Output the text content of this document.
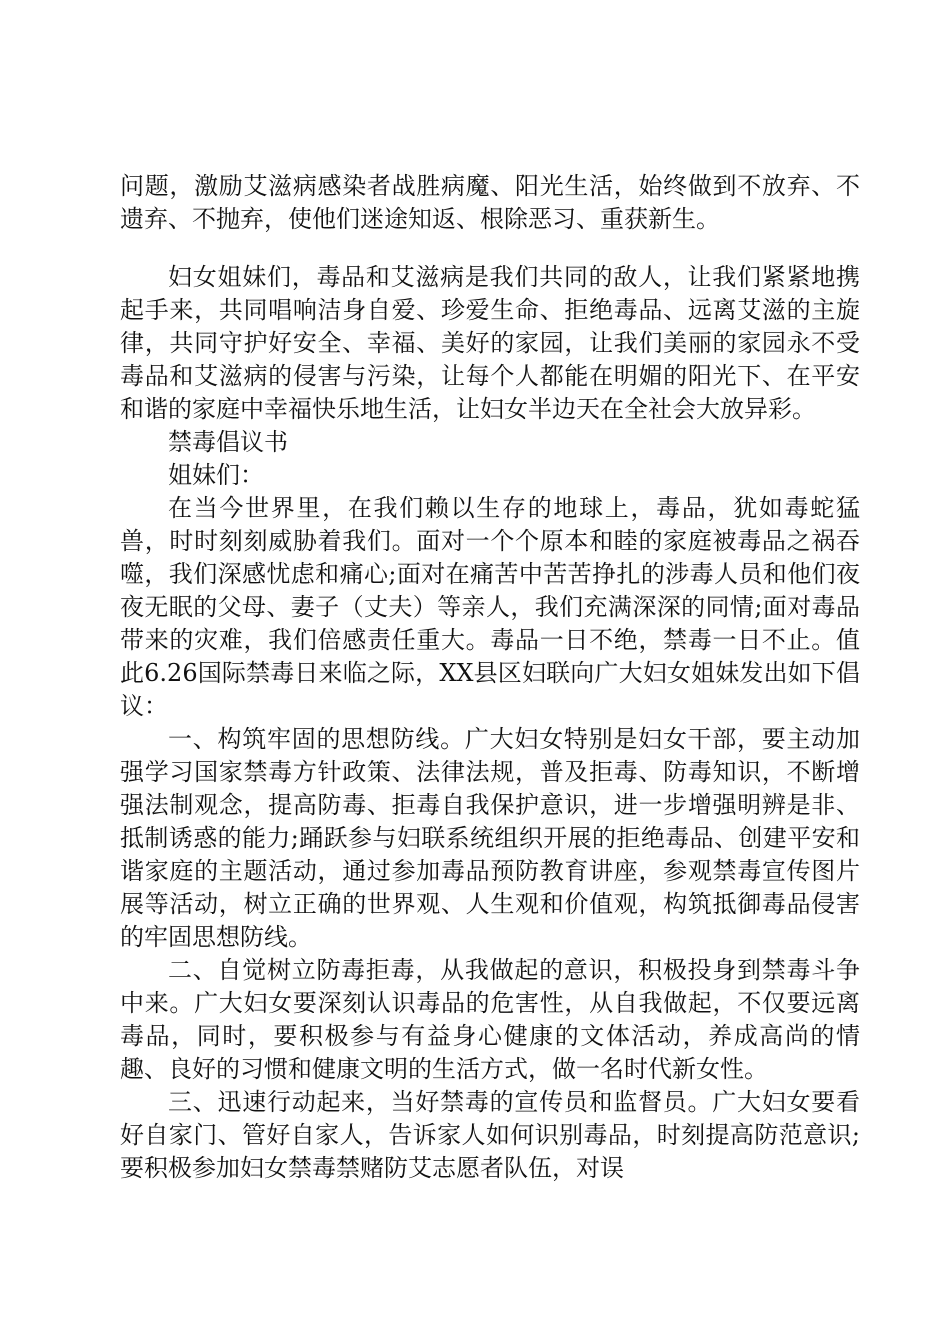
问题，激励艾滋病感染者战胜病魔、阳光生活，始终做到不放弃、不遗弃、不抛弃，使他们迷途知返、根除恶习、重获新生。

妇女姐妹们，毒品和艾滋病是我们共同的敌人，让我们紧紧地携起手来，共同唱响洁身自爱、珍爱生命、拒绝毒品、远离艾滋的主旋律，共同守护好安全、幸福、美好的家园，让我们美丽的家园永不受毒品和艾滋病的侵害与污染，让每个人都能在明媚的阳光下、在平安和谐的家庭中幸福快乐地生活，让妇女半边天在全社会大放异彩。

禁毒倡议书

姐妹们：

在当今世界里，在我们赖以生存的地球上，毒品，犹如毒蛇猛兽，时时刻刻威胁着我们。面对一个个原本和睦的家庭被毒品之祸吞噬，我们深感忧虑和痛心;面对在痛苦中苦苦挣扎的涉毒人员和他们夜夜无眠的父母、妻子（丈夫）等亲人，我们充满深深的同情;面对毒品带来的灾难，我们倍感责任重大。毒品一日不绝，禁毒一日不止。值此6.26国际禁毒日来临之际，XX县区妇联向广大妇女姐妹发出如下倡议：

一、构筑牢固的思想防线。广大妇女特别是妇女干部，要主动加强学习国家禁毒方针政策、法律法规，普及拒毒、防毒知识，不断增强法制观念，提高防毒、拒毒自我保护意识，进一步增强明辨是非、抵制诱惑的能力;踊跃参与妇联系统组织开展的拒绝毒品、创建平安和谐家庭的主题活动，通过参加毒品预防教育讲座，参观禁毒宣传图片展等活动，树立正确的世界观、人生观和价值观，构筑抵御毒品侵害的牢固思想防线。

二、自觉树立防毒拒毒，从我做起的意识，积极投身到禁毒斗争中来。广大妇女要深刻认识毒品的危害性，从自我做起，不仅要远离毒品，同时，要积极参与有益身心健康的文体活动，养成高尚的情趣、良好的习惯和健康文明的生活方式，做一名时代新女性。

三、迅速行动起来，当好禁毒的宣传员和监督员。广大妇女要看好自家门、管好自家人，告诉家人如何识别毒品，时刻提高防范意识;要积极参加妇女禁毒禁赌防艾志愿者队伍，对误
